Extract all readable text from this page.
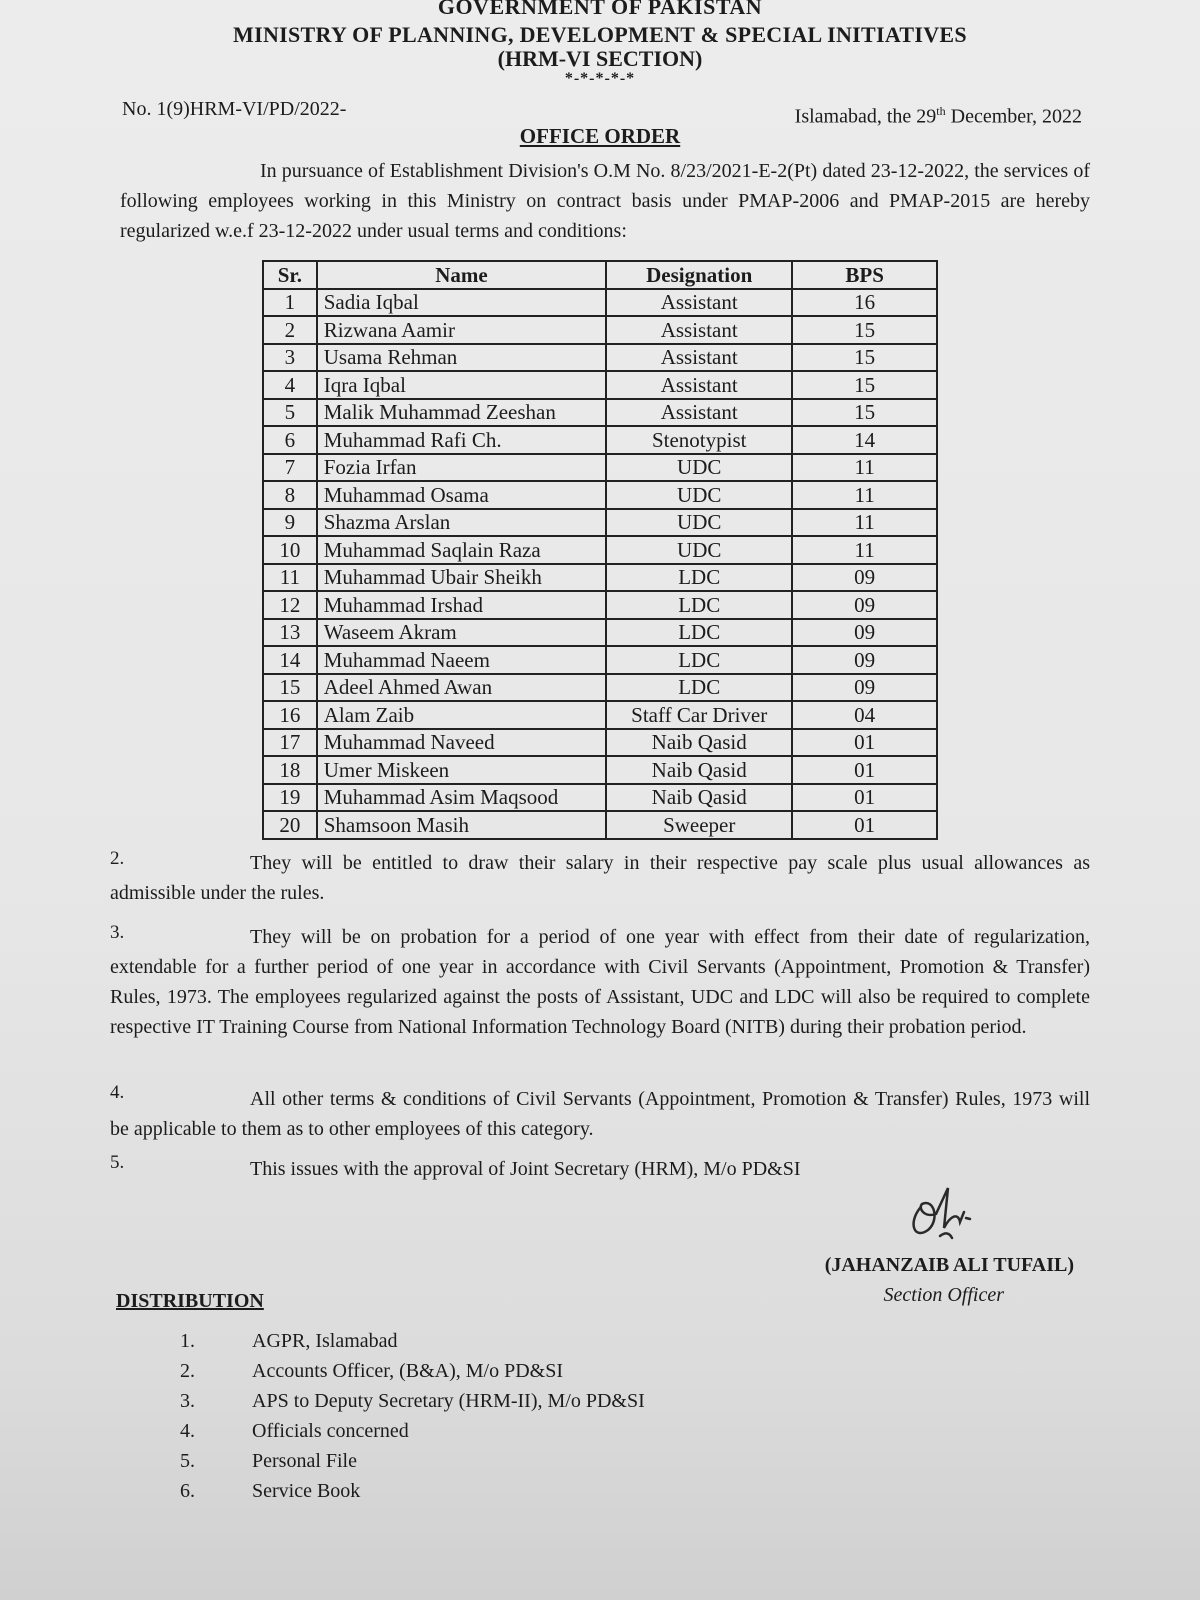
GOVERNMENT OF PAKISTAN
MINISTRY OF PLANNING, DEVELOPMENT & SPECIAL INITIATIVES
(HRM-VI SECTION)
*-*-*-*-*
No. 1(9)HRM-VI/PD/2022-	Islamabad, the 29th December, 2022
OFFICE ORDER
In pursuance of Establishment Division's O.M No. 8/23/2021-E-2(Pt) dated 23-12-2022, the services of following employees working in this Ministry on contract basis under PMAP-2006 and PMAP-2015 are hereby regularized w.e.f 23-12-2022 under usual terms and conditions:
Sr.	Name	Designation	BPS
1	Sadia Iqbal	Assistant	16
2	Rizwana Aamir	Assistant	15
3	Usama Rehman	Assistant	15
4	Iqra Iqbal	Assistant	15
5	Malik Muhammad Zeeshan	Assistant	15
6	Muhammad Rafi Ch.	Stenotypist	14
7	Fozia Irfan	UDC	11
8	Muhammad Osama	UDC	11
9	Shazma Arslan	UDC	11
10	Muhammad Saqlain Raza	UDC	11
11	Muhammad Ubair Sheikh	LDC	09
12	Muhammad Irshad	LDC	09
13	Waseem Akram	LDC	09
14	Muhammad Naeem	LDC	09
15	Adeel Ahmed Awan	LDC	09
16	Alam Zaib	Staff Car Driver	04
17	Muhammad Naveed	Naib Qasid	01
18	Umer Miskeen	Naib Qasid	01
19	Muhammad Asim Maqsood	Naib Qasid	01
20	Shamsoon Masih	Sweeper	01
2.	They will be entitled to draw their salary in their respective pay scale plus usual allowances as admissible under the rules.
3.	They will be on probation for a period of one year with effect from their date of regularization, extendable for a further period of one year in accordance with Civil Servants (Appointment, Promotion & Transfer) Rules, 1973. The employees regularized against the posts of Assistant, UDC and LDC will also be required to complete respective IT Training Course from National Information Technology Board (NITB) during their probation period.
4.	All other terms & conditions of Civil Servants (Appointment, Promotion & Transfer) Rules, 1973 will be applicable to them as to other employees of this category.
5.	This issues with the approval of Joint Secretary (HRM), M/o PD&SI
(JAHANZAIB ALI TUFAIL)
Section Officer
DISTRIBUTION
1.	AGPR, Islamabad
2.	Accounts Officer, (B&A), M/o PD&SI
3.	APS to Deputy Secretary (HRM-II), M/o PD&SI
4.	Officials concerned
5.	Personal File
6.	Service Book
